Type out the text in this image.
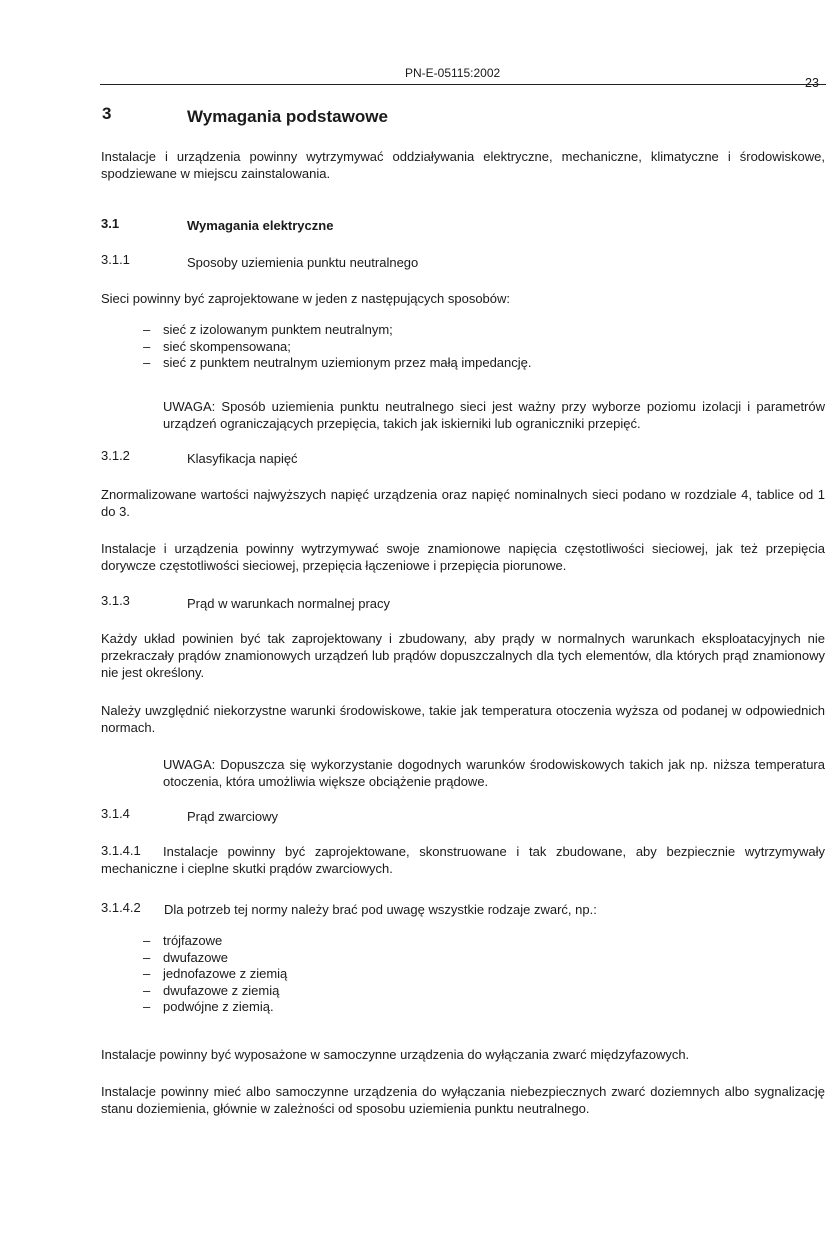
PN-E-05115:2002
23
3	Wymagania podstawowe

Instalacje i urządzenia powinny wytrzymywać oddziaływania elektryczne, mechaniczne, klimatyczne i środowiskowe, spodziewane w miejscu zainstalowania.

3.1	Wymagania elektryczne
3.1.1	Sposoby uziemienia punktu neutralnego

Sieci powinny być zaprojektowane w jeden z następujących sposobów:

– sieć z izolowanym punktem neutralnym;
– sieć skompensowana;
– sieć z punktem neutralnym uziemionym przez małą impedancję.

UWAGA: Sposób uziemienia punktu neutralnego sieci jest ważny przy wyborze poziomu izolacji i parametrów urządzeń ograniczających przepięcia, takich jak iskierniki lub ograniczniki przepięć.

3.1.2	Klasyfikacja napięć

Znormalizowane wartości najwyższych napięć urządzenia oraz napięć nominalnych sieci podano w rozdziale 4, tablice od 1 do 3.

Instalacje i urządzenia powinny wytrzymywać swoje znamionowe napięcia częstotliwości sieciowej, jak też przepięcia dorywcze częstotliwości sieciowej, przepięcia łączeniowe i przepięcia piorunowe.

3.1.3	Prąd w warunkach normalnej pracy

Każdy układ powinien być tak zaprojektowany i zbudowany, aby prądy w normalnych warunkach eksploatacyjnych nie przekraczały prądów znamionowych urządzeń lub prądów dopuszczalnych dla tych elementów, dla których prąd znamionowy nie jest określony.

Należy uwzględnić niekorzystne warunki środowiskowe, takie jak temperatura otoczenia wyższa od podanej w odpowiednich normach.

UWAGA: Dopuszcza się wykorzystanie dogodnych warunków środowiskowych takich jak np. niższa temperatura otoczenia, która umożliwia większe obciążenie prądowe.

3.1.4	Prąd zwarciowy
3.1.4.1	Instalacje powinny być zaprojektowane, skonstruowane i tak zbudowane, aby bezpiecznie wytrzymywały mechaniczne i cieplne skutki prądów zwarciowych.

3.1.4.2 Dla potrzeb tej normy należy brać pod uwagę wszystkie rodzaje zwarć, np.:

– trójfazowe
– dwufazowe
– jednofazowe z ziemią
– dwufazowe z ziemią
– podwójne z ziemią.

Instalacje powinny być wyposażone w samoczynne urządzenia do wyłączania zwarć międzyfazowych.

Instalacje powinny mieć albo samoczynne urządzenia do wyłączania niebezpiecznych zwarć doziemnych albo sygnalizację stanu doziemienia, głównie w zależności od sposobu uziemienia punktu neutralnego.
